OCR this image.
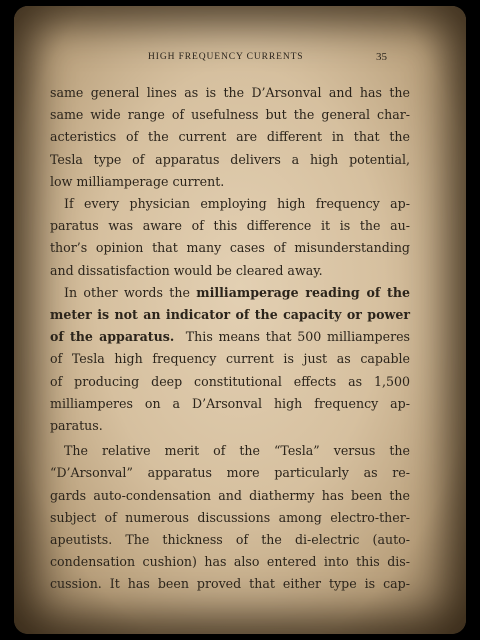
HIGH FREQUENCY CURRENTS	35

same general lines as is the D’Arsonval and has the
same wide range of usefulness but the general char-
acteristics of the current are different in that the
Tesla type of apparatus delivers a high potential,
low milliamperage current.

If every physician employing high frequency ap-
paratus was aware of this difference it is the au-
thor’s opinion that many cases of misunderstanding
and dissatisfaction would be cleared away.

In other words the milliamperage reading of the
meter is not an indicator of the capacity or power
of the apparatus.  This means that 500 milliamperes
of Tesla high frequency current is just as capable
of producing deep constitutional effects as 1,500
milliamperes on a D’Arsonval high frequency ap-
paratus.

The relative merit of the “Tesla” versus the
“D’Arsonval” apparatus more particularly as re-
gards auto-condensation and diathermy has been the
subject of numerous discussions among electro-ther-
apeutists. The thickness of the di-electric (auto-
condensation cushion) has also entered into this dis-
cussion. It has been proved that either type is cap-
